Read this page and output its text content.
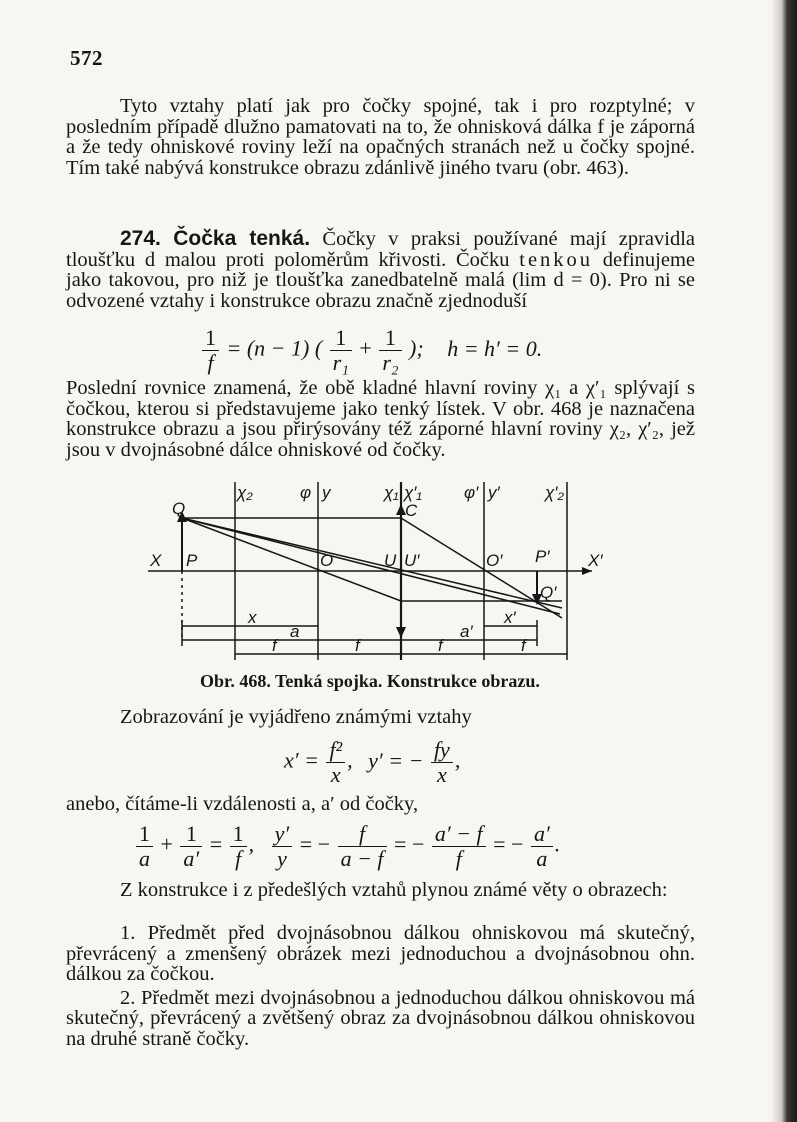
572

Tyto vztahy platí jak pro čočky spojné, tak i pro rozptylné; v posledním případě dlužno pamatovati na to, že ohnisková dálka f je záporná a že tedy ohniskové roviny leží na opačných stranách než u čočky spojné. Tím také nabývá konstrukce obrazu zdánlivě jiného tvaru (obr. 463).

274. Čočka tenká. Čočky v praksi používané mají zpravidla tloušťku d malou proti poloměrům křivosti. Čočku tenkou definujeme jako takovou, pro niž je tloušťka zanedbatelně malá (lim d = 0). Pro ni se odvozené vztahy i konstrukce obrazu značně zjednoduší

$\frac{1}{f} = (n - 1)$ ( $\frac{1}{\text{r₁}} + \frac{1}{\text{r₂}}$ ); h = h′ = 0.

Poslední rovnice znamená, že obě kladné hlavní roviny χ₁ a χ′₁ splývají s čočkou, kterou si představujeme jako tenký lístek. V obr. 468 je naznačena konstrukce obrazu a jsou přirýsovány též záporné hlavní roviny χ₂, χ′₂, jež jsou v dvojnásobné dálce ohniskové od čočky.

χ₂	φ y	χ₁ χ′₁ φ′ y′	χ′₂
Q	C
X P	O	U U′	O′ P′ X′
Q′
x
a	a′
x′
f	f	f	f
Obr. 468. Tenká spojka. Konstrukce obrazu.

Zobrazování je vyjádřeno známými vztahy

$x' = \frac{\text{f²}}{x}$ , y′ = − $\frac{fy}{x}$ ,

anebo, čítáme-li vzdálenosti a, a′ od čočky,

$\frac{1}{a} + \frac{1}{a'} = \frac{1}{f}$ , $\frac{y'}{y}$ = − $\frac{f}{a - f}$ = − $\frac{a' - f}{f}$ = − $\frac{a'}{a}$ .

Z konstrukce i z předešlých vztahů plynou známé věty o obrazech:

1. Předmět před dvojnásobnou dálkou ohniskovou má skutečný, převrácený a zmenšený obrázek mezi jednoduchou a dvojnásobnou ohn. dálkou za čočkou.

2. Předmět mezi dvojnásobnou a jednoduchou dálkou ohniskovou má skutečný, převrácený a zvětšený obraz za dvojnásobnou dálkou ohniskovou na druhé straně čočky.
